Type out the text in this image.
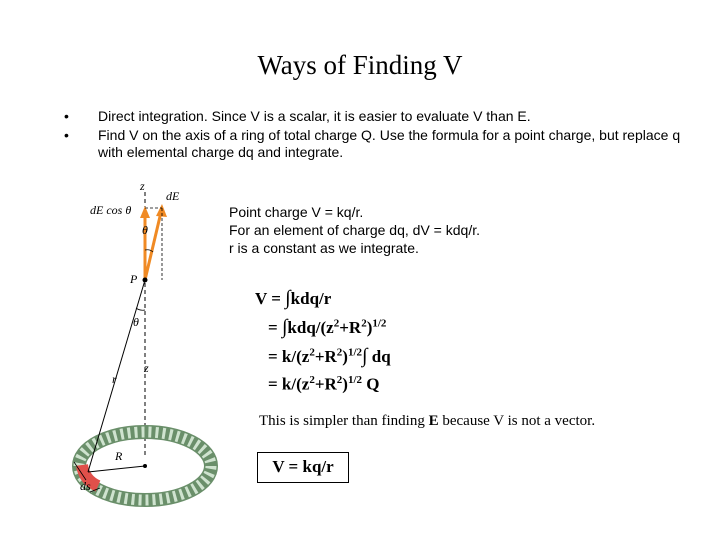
Ways of Finding V
•	Direct integration. Since V is a scalar, it is easier to evaluate V than E.
•	Find V on the axis of a ring of total charge Q. Use the formula for a point charge, but replace q with elemental charge dq and integrate.
z
dE
dE cos θ
θ
P
θ
r
z
R
ds
Point charge V = kq/r.
For an element of charge dq, dV = kdq/r.
r is a constant as we integrate.
V = ∫kdq/r
= $\int kdq/(z^2+R^2)^{1/2}$
= $k/(z^2+R^2)^{1/2}\int$ dq
= $k/(z^2+R^2)^{1/2}$ Q
This is simpler than finding E because V is not a vector.
V = kq/r
